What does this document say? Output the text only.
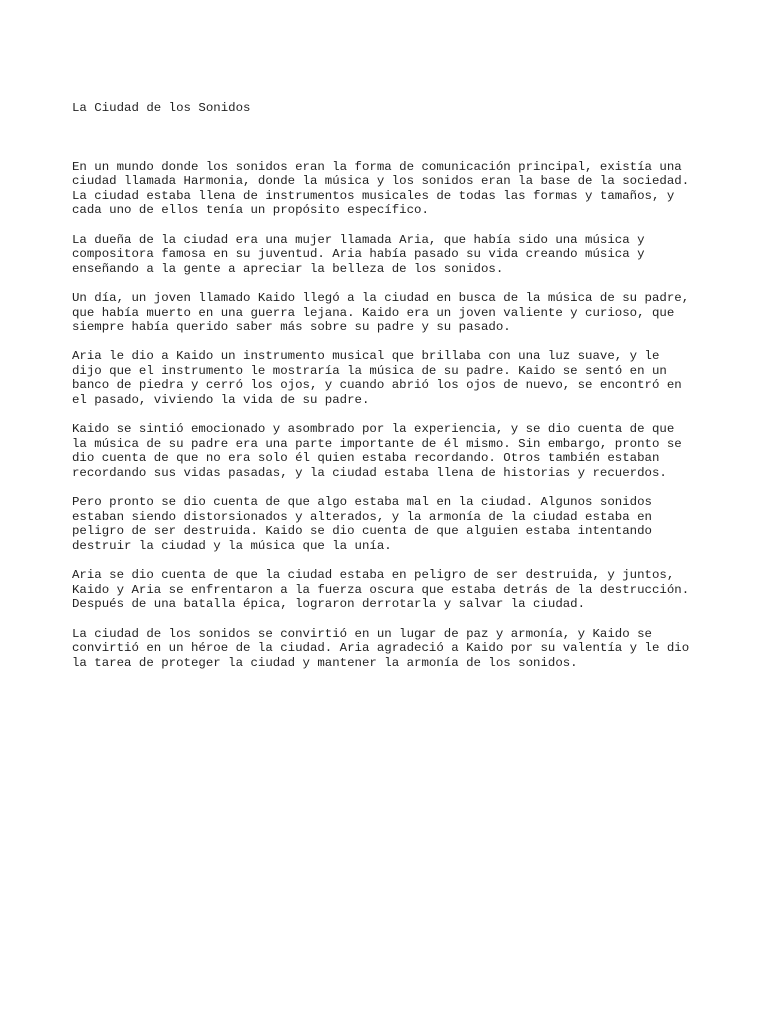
La Ciudad de los Sonidos

En un mundo donde los sonidos eran la forma de comunicación principal, existía una
ciudad llamada Harmonia, donde la música y los sonidos eran la base de la sociedad.
La ciudad estaba llena de instrumentos musicales de todas las formas y tamaños, y
cada uno de ellos tenía un propósito específico.
La dueña de la ciudad era una mujer llamada Aria, que había sido una música y
compositora famosa en su juventud. Aria había pasado su vida creando música y
enseñando a la gente a apreciar la belleza de los sonidos.
Un día, un joven llamado Kaido llegó a la ciudad en busca de la música de su padre,
que había muerto en una guerra lejana. Kaido era un joven valiente y curioso, que
siempre había querido saber más sobre su padre y su pasado.
Aria le dio a Kaido un instrumento musical que brillaba con una luz suave, y le
dijo que el instrumento le mostraría la música de su padre. Kaido se sentó en un
banco de piedra y cerró los ojos, y cuando abrió los ojos de nuevo, se encontró en
el pasado, viviendo la vida de su padre.
Kaido se sintió emocionado y asombrado por la experiencia, y se dio cuenta de que
la música de su padre era una parte importante de él mismo. Sin embargo, pronto se
dio cuenta de que no era solo él quien estaba recordando. Otros también estaban
recordando sus vidas pasadas, y la ciudad estaba llena de historias y recuerdos.
Pero pronto se dio cuenta de que algo estaba mal en la ciudad. Algunos sonidos
estaban siendo distorsionados y alterados, y la armonía de la ciudad estaba en
peligro de ser destruida. Kaido se dio cuenta de que alguien estaba intentando
destruir la ciudad y la música que la unía.
Aria se dio cuenta de que la ciudad estaba en peligro de ser destruida, y juntos,
Kaido y Aria se enfrentaron a la fuerza oscura que estaba detrás de la destrucción.
Después de una batalla épica, lograron derrotarla y salvar la ciudad.
La ciudad de los sonidos se convirtió en un lugar de paz y armonía, y Kaido se
convirtió en un héroe de la ciudad. Aria agradeció a Kaido por su valentía y le dio
la tarea de proteger la ciudad y mantener la armonía de los sonidos.
